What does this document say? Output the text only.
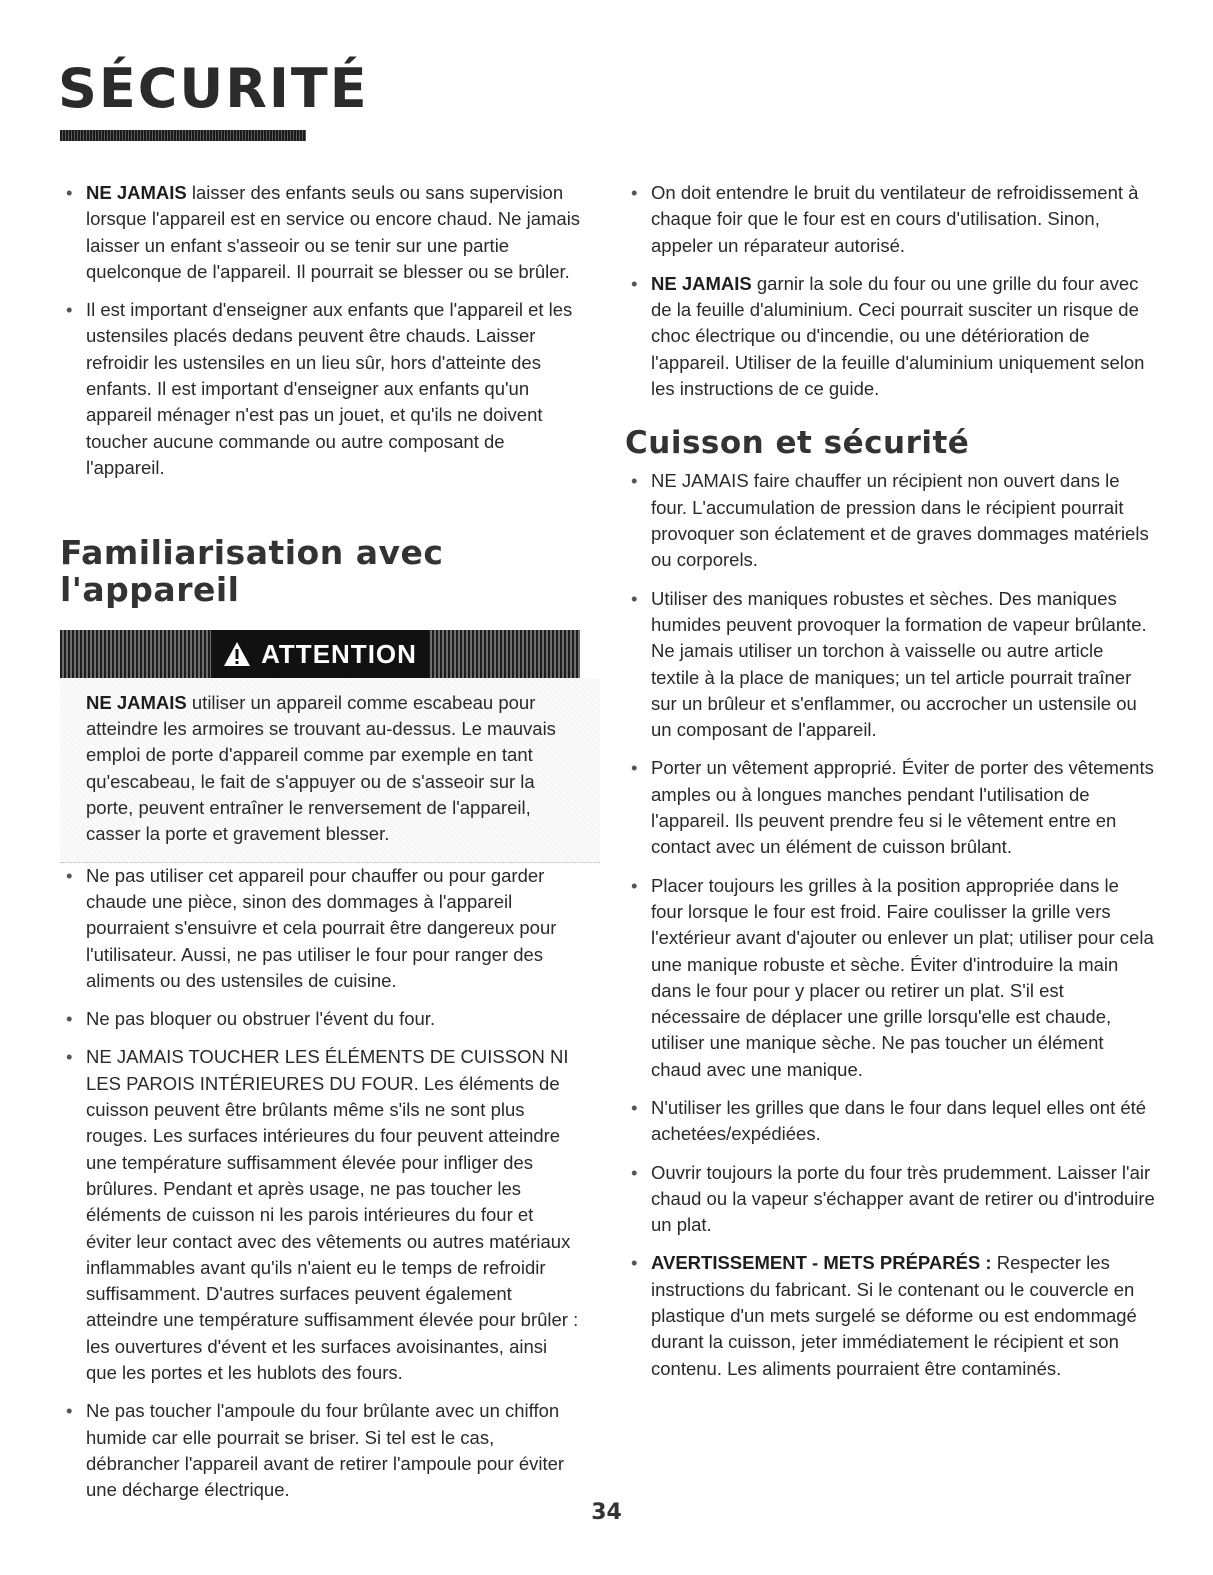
SÉCURITÉ
• NE JAMAIS laisser des enfants seuls ou sans supervision lorsque l'appareil est en service ou encore chaud. Ne jamais laisser un enfant s'asseoir ou se tenir sur une partie quelconque de l'appareil. Il pourrait se blesser ou se brûler.
• Il est important d'enseigner aux enfants que l'appareil et les ustensiles placés dedans peuvent être chauds. Laisser refroidir les ustensiles en un lieu sûr, hors d'atteinte des enfants. Il est important d'enseigner aux enfants qu'un appareil ménager n'est pas un jouet, et qu'ils ne doivent toucher aucune commande ou autre composant de l'appareil.
Familiarisation avec l'appareil
ATTENTION

NE JAMAIS utiliser un appareil comme escabeau pour atteindre les armoires se trouvant au-dessus. Le mauvais emploi de porte d'appareil comme par exemple en tant qu'escabeau, le fait de s'appuyer ou de s'asseoir sur la porte, peuvent entraîner le renversement de l'appareil, casser la porte et gravement blesser.

• Ne pas utiliser cet appareil pour chauffer ou pour garder chaude une pièce, sinon des dommages à l'appareil pourraient s'ensuivre et cela pourrait être dangereux pour l'utilisateur. Aussi, ne pas utiliser le four pour ranger des aliments ou des ustensiles de cuisine.
• Ne pas bloquer ou obstruer l'évent du four.
• NE JAMAIS TOUCHER LES ÉLÉMENTS DE CUISSON NI LES PAROIS INTÉRIEURES DU FOUR. Les éléments de cuisson peuvent être brûlants même s'ils ne sont plus rouges. Les surfaces intérieures du four peuvent atteindre une température suffisamment élevée pour infliger des brûlures. Pendant et après usage, ne pas toucher les éléments de cuisson ni les parois intérieures du four et éviter leur contact avec des vêtements ou autres matériaux inflammables avant qu'ils n'aient eu le temps de refroidir suffisamment. D'autres surfaces peuvent également atteindre une température suffisamment élevée pour brûler : les ouvertures d'évent et les surfaces avoisinantes, ainsi que les portes et les hublots des fours.
• Ne pas toucher l'ampoule du four brûlante avec un chiffon humide car elle pourrait se briser. Si tel est le cas, débrancher l'appareil avant de retirer l'ampoule pour éviter une décharge électrique.
• On doit entendre le bruit du ventilateur de refroidissement à chaque foir que le four est en cours d'utilisation. Sinon, appeler un réparateur autorisé.
• NE JAMAIS garnir la sole du four ou une grille du four avec de la feuille d'aluminium. Ceci pourrait susciter un risque de choc électrique ou d'incendie, ou une détérioration de l'appareil. Utiliser de la feuille d'aluminium uniquement selon les instructions de ce guide.
Cuisson et sécurité
• NE JAMAIS faire chauffer un récipient non ouvert dans le four. L'accumulation de pression dans le récipient pourrait provoquer son éclatement et de graves dommages matériels ou corporels.
• Utiliser des maniques robustes et sèches. Des maniques humides peuvent provoquer la formation de vapeur brûlante. Ne jamais utiliser un torchon à vaisselle ou autre article textile à la place de maniques; un tel article pourrait traîner sur un brûleur et s'enflammer, ou accrocher un ustensile ou un composant de l'appareil.
• Porter un vêtement approprié. Éviter de porter des vêtements amples ou à longues manches pendant l'utilisation de l'appareil. Ils peuvent prendre feu si le vêtement entre en contact avec un élément de cuisson brûlant.
• Placer toujours les grilles à la position appropriée dans le four lorsque le four est froid. Faire coulisser la grille vers l'extérieur avant d'ajouter ou enlever un plat; utiliser pour cela une manique robuste et sèche. Éviter d'introduire la main dans le four pour y placer ou retirer un plat. S'il est nécessaire de déplacer une grille lorsqu'elle est chaude, utiliser une manique sèche. Ne pas toucher un élément chaud avec une manique.
• N'utiliser les grilles que dans le four dans lequel elles ont été achetées/expédiées.
• Ouvrir toujours la porte du four très prudemment. Laisser l'air chaud ou la vapeur s'échapper avant de retirer ou d'introduire un plat.
• AVERTISSEMENT - METS PRÉPARÉS : Respecter les instructions du fabricant. Si le contenant ou le couvercle en plastique d'un mets surgelé se déforme ou est endommagé durant la cuisson, jeter immédiatement le récipient et son contenu. Les aliments pourraient être contaminés.
34
